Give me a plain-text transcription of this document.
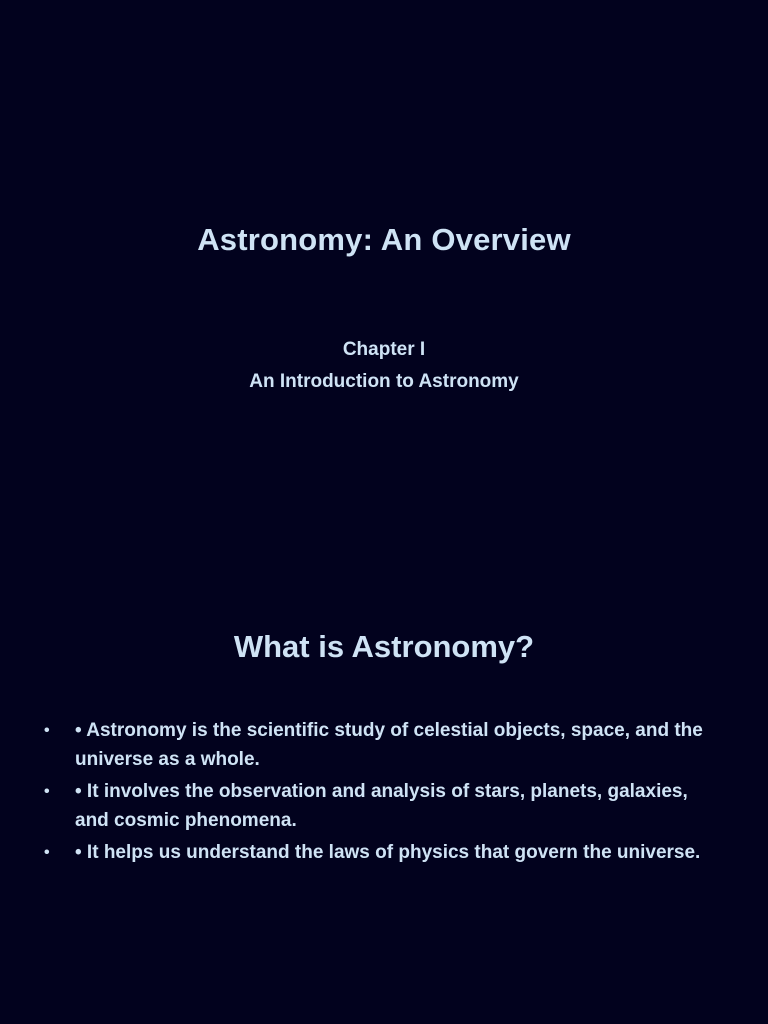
Astronomy: An Overview
Chapter I
An Introduction to Astronomy
What is Astronomy?
• • Astronomy is the scientific study of celestial objects, space, and the universe as a whole.
• • It involves the observation and analysis of stars, planets, galaxies, and cosmic phenomena.
• • It helps us understand the laws of physics that govern the universe.
